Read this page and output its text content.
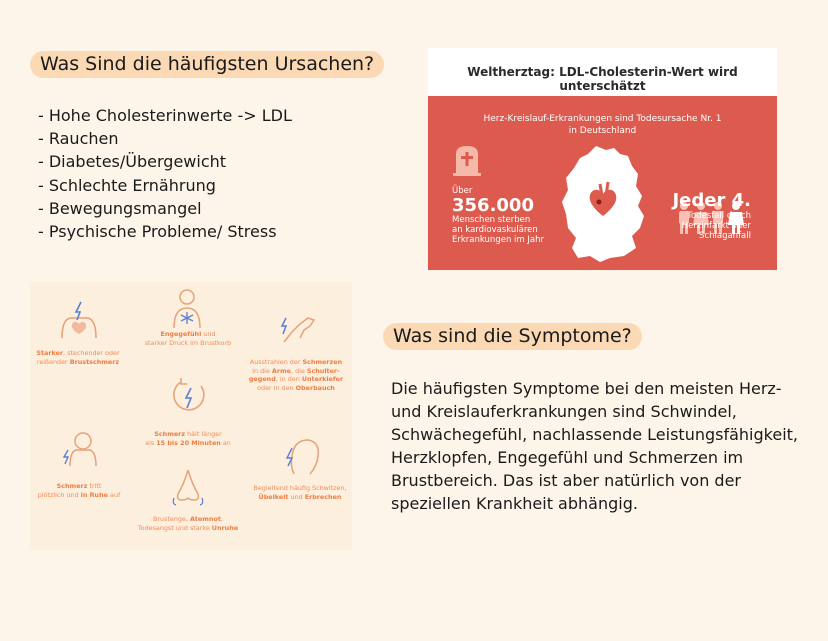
Was Sind die häufigsten Ursachen?
- Hohe Cholesterinwerte -> LDL
- Rauchen
- Diabetes/Übergewicht
- Schlechte Ernährung
- Bewegungsmangel
- Psychische Probleme/ Stress
Weltherztag: LDL-Cholesterin-Wert wird unterschätzt
Herz-Kreislauf-Erkrankungen sind Todesursache Nr. 1
in Deutschland
Über
356.000
Menschen sterben
an kardiovaskulären
Erkrankungen im Jahr
Jeder 4.
Todesfall durch
Herzinfarkt oder
Schlaganfall
Starker, stechender oder
reißender Brustschmerz
Engegefühl und
starker Druck im Brustkorb
Ausstrahlen der Schmerzen
in die Arme, die Schulter-
gegend, in den Unterkiefer
oder in den Oberbauch
Schmerz hält länger
als 15 bis 20 Minuten an
Schmerz tritt
plötzlich und in Ruhe auf
Begleitend häufig Schwitzen,
Übelkeit und Erbrechen
Brustenge, Atemnot,
Todesangst und starke Unruhe
Was sind die Symptome?

Die häufigsten Symptome bei den meisten Herz- und Kreislauferkrankungen sind Schwindel, Schwächegefühl, nachlassende Leistungsfähigkeit, Herzklopfen, Engegefühl und Schmerzen im Brustbereich. Das ist aber natürlich von der speziellen Krankheit abhängig.
